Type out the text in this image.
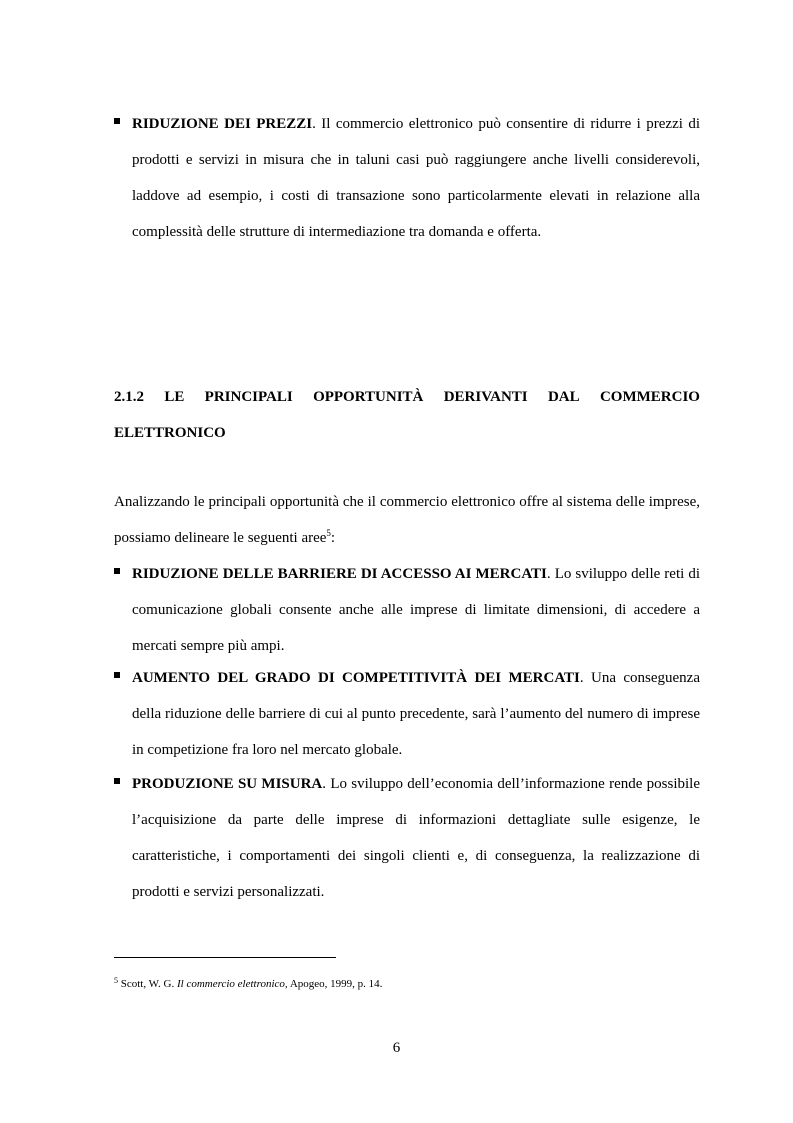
RIDUZIONE DEI PREZZI. Il commercio elettronico può consentire di ridurre i prezzi di prodotti e servizi in misura che in taluni casi può raggiungere anche livelli considerevoli, laddove ad esempio, i costi di transazione sono particolarmente elevati in relazione alla complessità delle strutture di intermediazione tra domanda e offerta.
2.1.2 LE PRINCIPALI OPPORTUNITÀ DERIVANTI DAL COMMERCIO
ELETTRONICO
Analizzando le principali opportunità che il commercio elettronico offre al sistema delle imprese, possiamo delineare le seguenti aree$^5$:
RIDUZIONE DELLE BARRIERE DI ACCESSO AI MERCATI. Lo sviluppo delle reti di comunicazione globali consente anche alle imprese di limitate dimensioni, di accedere a mercati sempre più ampi.
AUMENTO DEL GRADO DI COMPETITIVITÀ DEI MERCATI. Una conseguenza della riduzione delle barriere di cui al punto precedente, sarà l’aumento del numero di imprese in competizione fra loro nel mercato globale.
PRODUZIONE SU MISURA. Lo sviluppo dell’economia dell’informazione rende possibile l’acquisizione da parte delle imprese di informazioni dettagliate sulle esigenze, le caratteristiche, i comportamenti dei singoli clienti e, di conseguenza, la realizzazione di prodotti e servizi personalizzati.
$^5$ Scott, W. G. Il commercio elettronico, Apogeo, 1999, p. 14.
6
